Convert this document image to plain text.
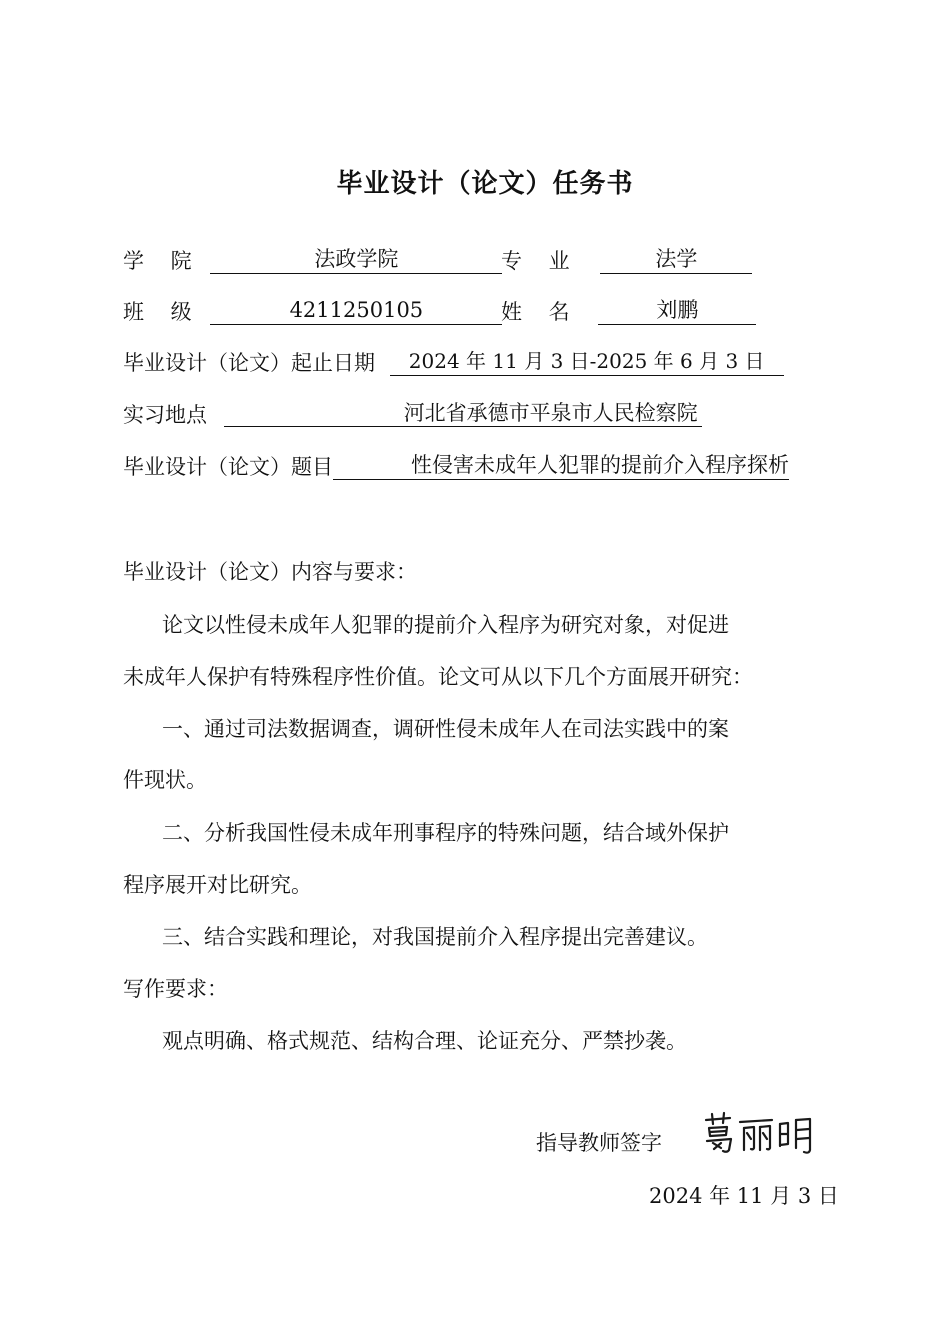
毕业设计（论文）任务书
学 院	法政学院	专 业	法学
班 级	4211250105	姓 名	刘鹏
毕业设计（论文）起止日期 2024 年 11 月 3 日-2025 年 6 月 3 日
实习地点	河北省承德市平泉市人民检察院
毕业设计（论文）题目	性侵害未成年人犯罪的提前介入程序探析
毕业设计（论文）内容与要求：
论文以性侵未成年人犯罪的提前介入程序为研究对象，对促进
未成年人保护有特殊程序性价值。论文可从以下几个方面展开研究：
一、通过司法数据调查，调研性侵未成年人在司法实践中的案
件现状。
二、分析我国性侵未成年刑事程序的特殊问题，结合域外保护
程序展开对比研究。
三、结合实践和理论，对我国提前介入程序提出完善建议。
写作要求：
观点明确、格式规范、结构合理、论证充分、严禁抄袭。
指导教师签字
2024 年 11 月 3 日
